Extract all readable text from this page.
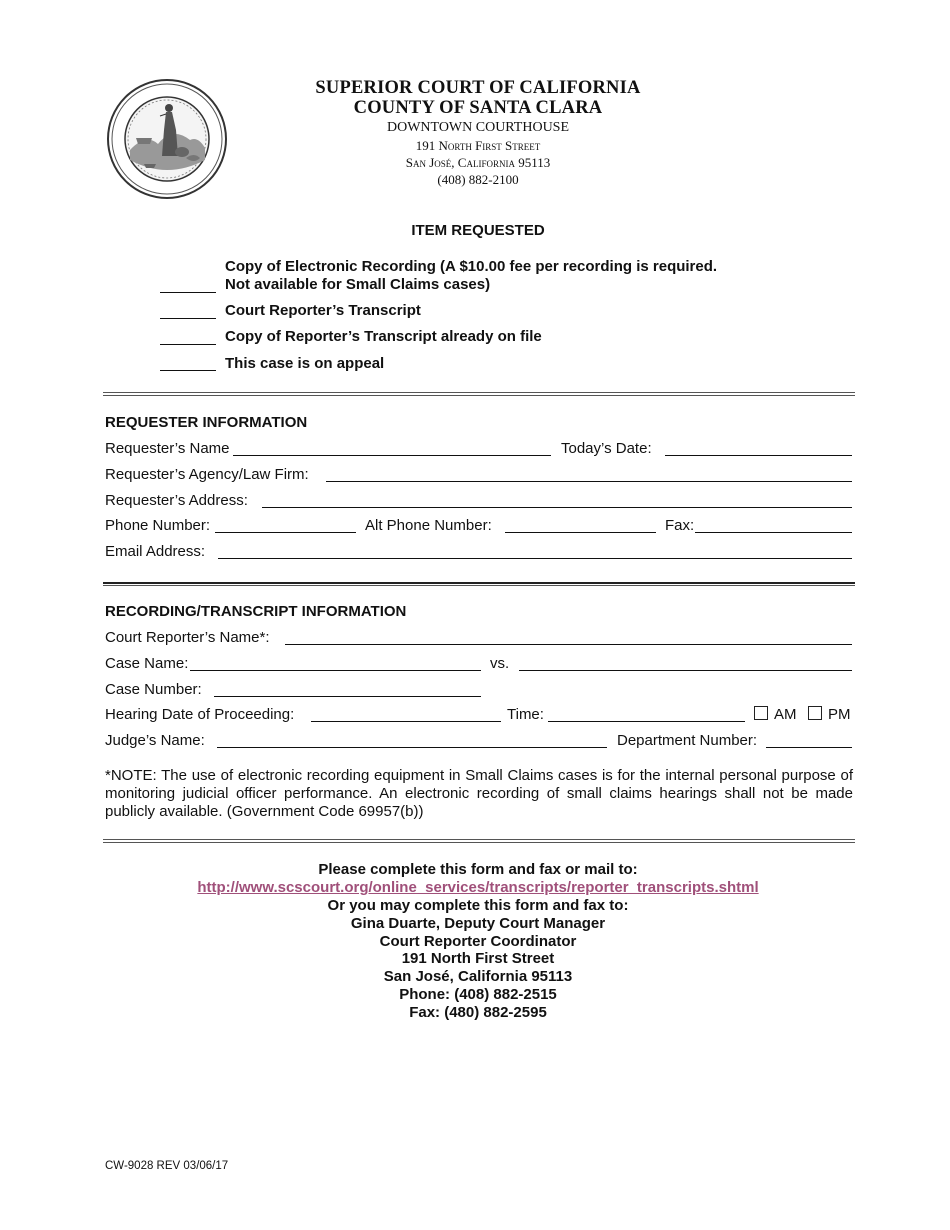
SUPERIOR COURT OF CALIFORNIA
COUNTY OF SANTA CLARA
DOWNTOWN COURTHOUSE
191 North First Street
San José, California 95113
(408) 882-2100
ITEM REQUESTED
Copy of Electronic Recording (A $10.00 fee per recording is required.
Not available for Small Claims cases)
Court Reporter’s Transcript
Copy of Reporter’s Transcript already on file
This case is on appeal
REQUESTER INFORMATION
Requester’s Name	Today’s Date:
Requester’s Agency/Law Firm:
Requester’s Address:
Phone Number:	Alt Phone Number:	Fax:
Email Address:
RECORDING/TRANSCRIPT INFORMATION
Court Reporter’s Name*:
Case Name:	vs.
Case Number:
Hearing Date of Proceeding:	Time:	AM PM
Judge’s Name:	Department Number:
*NOTE: The use of electronic recording equipment in Small Claims cases is for the internal personal purpose of monitoring judicial officer performance. An electronic recording of small claims hearings shall not be made publicly available. (Government Code 69957(b))
Please complete this form and fax or mail to:
http://www.scscourt.org/online_services/transcripts/reporter_transcripts.shtml
Or you may complete this form and fax to:
Gina Duarte, Deputy Court Manager
Court Reporter Coordinator
191 North First Street
San José, California 95113
Phone: (408) 882-2515
Fax: (480) 882-2595
CW-9028 REV 03/06/17
